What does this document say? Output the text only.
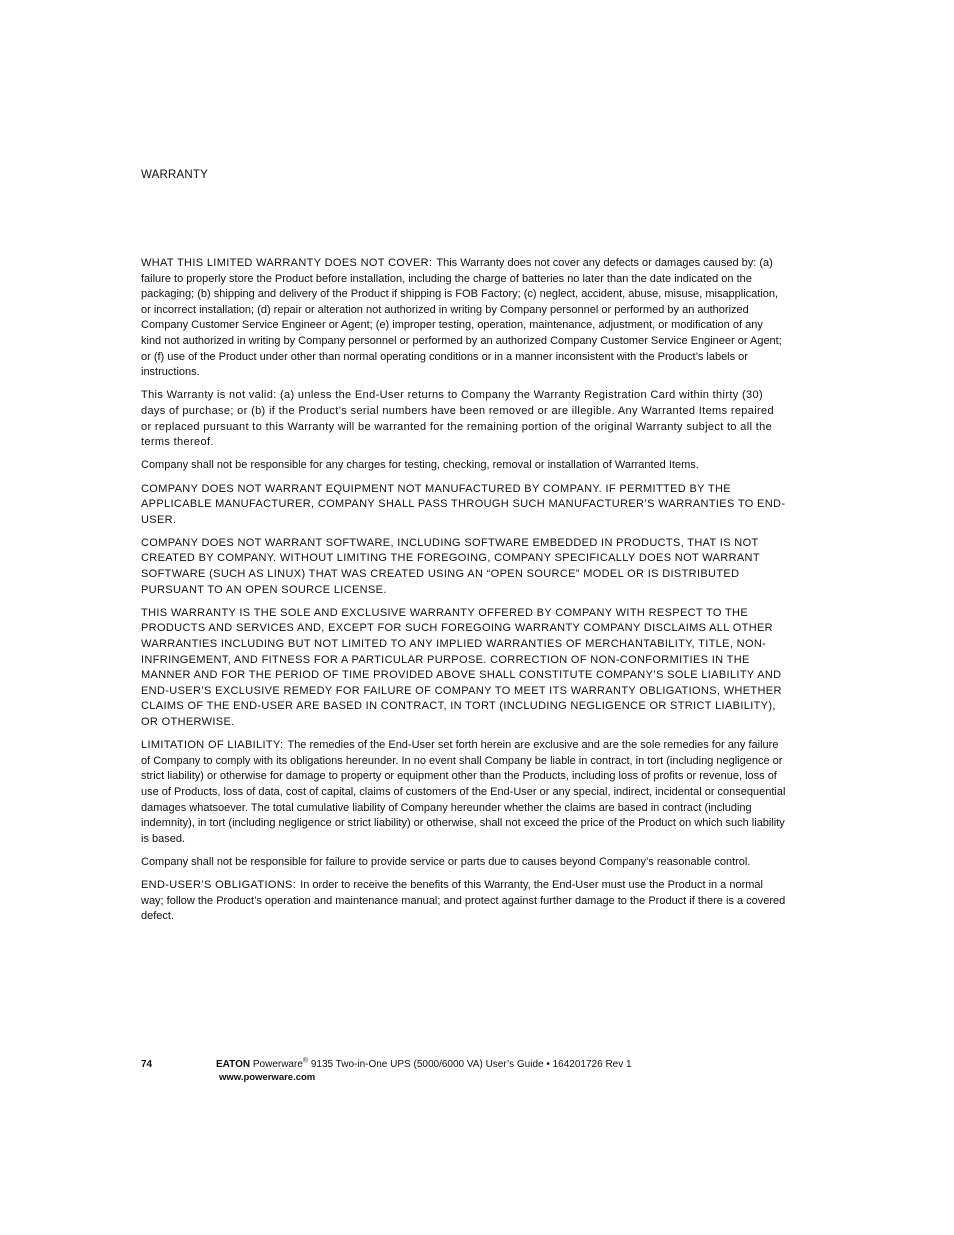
WARRANTY

WHAT THIS LIMITED WARRANTY DOES NOT COVER: This Warranty does not cover any defects or damages caused by: (a) failure to properly store the Product before installation, including the charge of batteries no later than the date indicated on the packaging; (b) shipping and delivery of the Product if shipping is FOB Factory; (c) neglect, accident, abuse, misuse, misapplication, or incorrect installation; (d) repair or alteration not authorized in writing by Company personnel or performed by an authorized Company Customer Service Engineer or Agent; (e) improper testing, operation, maintenance, adjustment, or modification of any kind not authorized in writing by Company personnel or performed by an authorized Company Customer Service Engineer or Agent; or (f) use of the Product under other than normal operating conditions or in a manner inconsistent with the Product’s labels or instructions.

This Warranty is not valid: (a) unless the End-User returns to Company the Warranty Registration Card within thirty (30) days of purchase; or (b) if the Product’s serial numbers have been removed or are illegible. Any Warranted Items repaired or replaced pursuant to this Warranty will be warranted for the remaining portion of the original Warranty subject to all the terms thereof.

Company shall not be responsible for any charges for testing, checking, removal or installation of Warranted Items.

COMPANY DOES NOT WARRANT EQUIPMENT NOT MANUFACTURED BY COMPANY. IF PERMITTED BY THE APPLICABLE MANUFACTURER, COMPANY SHALL PASS THROUGH SUCH MANUFACTURER’S WARRANTIES TO END-USER.

COMPANY DOES NOT WARRANT SOFTWARE, INCLUDING SOFTWARE EMBEDDED IN PRODUCTS, THAT IS NOT CREATED BY COMPANY. WITHOUT LIMITING THE FOREGOING, COMPANY SPECIFICALLY DOES NOT WARRANT SOFTWARE (SUCH AS LINUX) THAT WAS CREATED USING AN “OPEN SOURCE” MODEL OR IS DISTRIBUTED PURSUANT TO AN OPEN SOURCE LICENSE.

THIS WARRANTY IS THE SOLE AND EXCLUSIVE WARRANTY OFFERED BY COMPANY WITH RESPECT TO THE PRODUCTS AND SERVICES AND, EXCEPT FOR SUCH FOREGOING WARRANTY COMPANY DISCLAIMS ALL OTHER WARRANTIES INCLUDING BUT NOT LIMITED TO ANY IMPLIED WARRANTIES OF MERCHANTABILITY, TITLE, NON-INFRINGEMENT, AND FITNESS FOR A PARTICULAR PURPOSE. CORRECTION OF NON-CONFORMITIES IN THE MANNER AND FOR THE PERIOD OF TIME PROVIDED ABOVE SHALL CONSTITUTE COMPANY’S SOLE LIABILITY AND END-USER’S EXCLUSIVE REMEDY FOR FAILURE OF COMPANY TO MEET ITS WARRANTY OBLIGATIONS, WHETHER CLAIMS OF THE END-USER ARE BASED IN CONTRACT, IN TORT (INCLUDING NEGLIGENCE OR STRICT LIABILITY), OR OTHERWISE.

LIMITATION OF LIABILITY: The remedies of the End-User set forth herein are exclusive and are the sole remedies for any failure of Company to comply with its obligations hereunder. In no event shall Company be liable in contract, in tort (including negligence or strict liability) or otherwise for damage to property or equipment other than the Products, including loss of profits or revenue, loss of use of Products, loss of data, cost of capital, claims of customers of the End-User or any special, indirect, incidental or consequential damages whatsoever. The total cumulative liability of Company hereunder whether the claims are based in contract (including indemnity), in tort (including negligence or strict liability) or otherwise, shall not exceed the price of the Product on which such liability is based.

Company shall not be responsible for failure to provide service or parts due to causes beyond Company’s reasonable control.

END-USER’S OBLIGATIONS: In order to receive the benefits of this Warranty, the End-User must use the Product in a normal way; follow the Product’s operation and maintenance manual; and protect against further damage to the Product if there is a covered defect.

74	EATON Powerware® 9135 Two-in-One UPS (5000/6000 VA) User’s Guide • 164201726 Rev 1
www.powerware.com
